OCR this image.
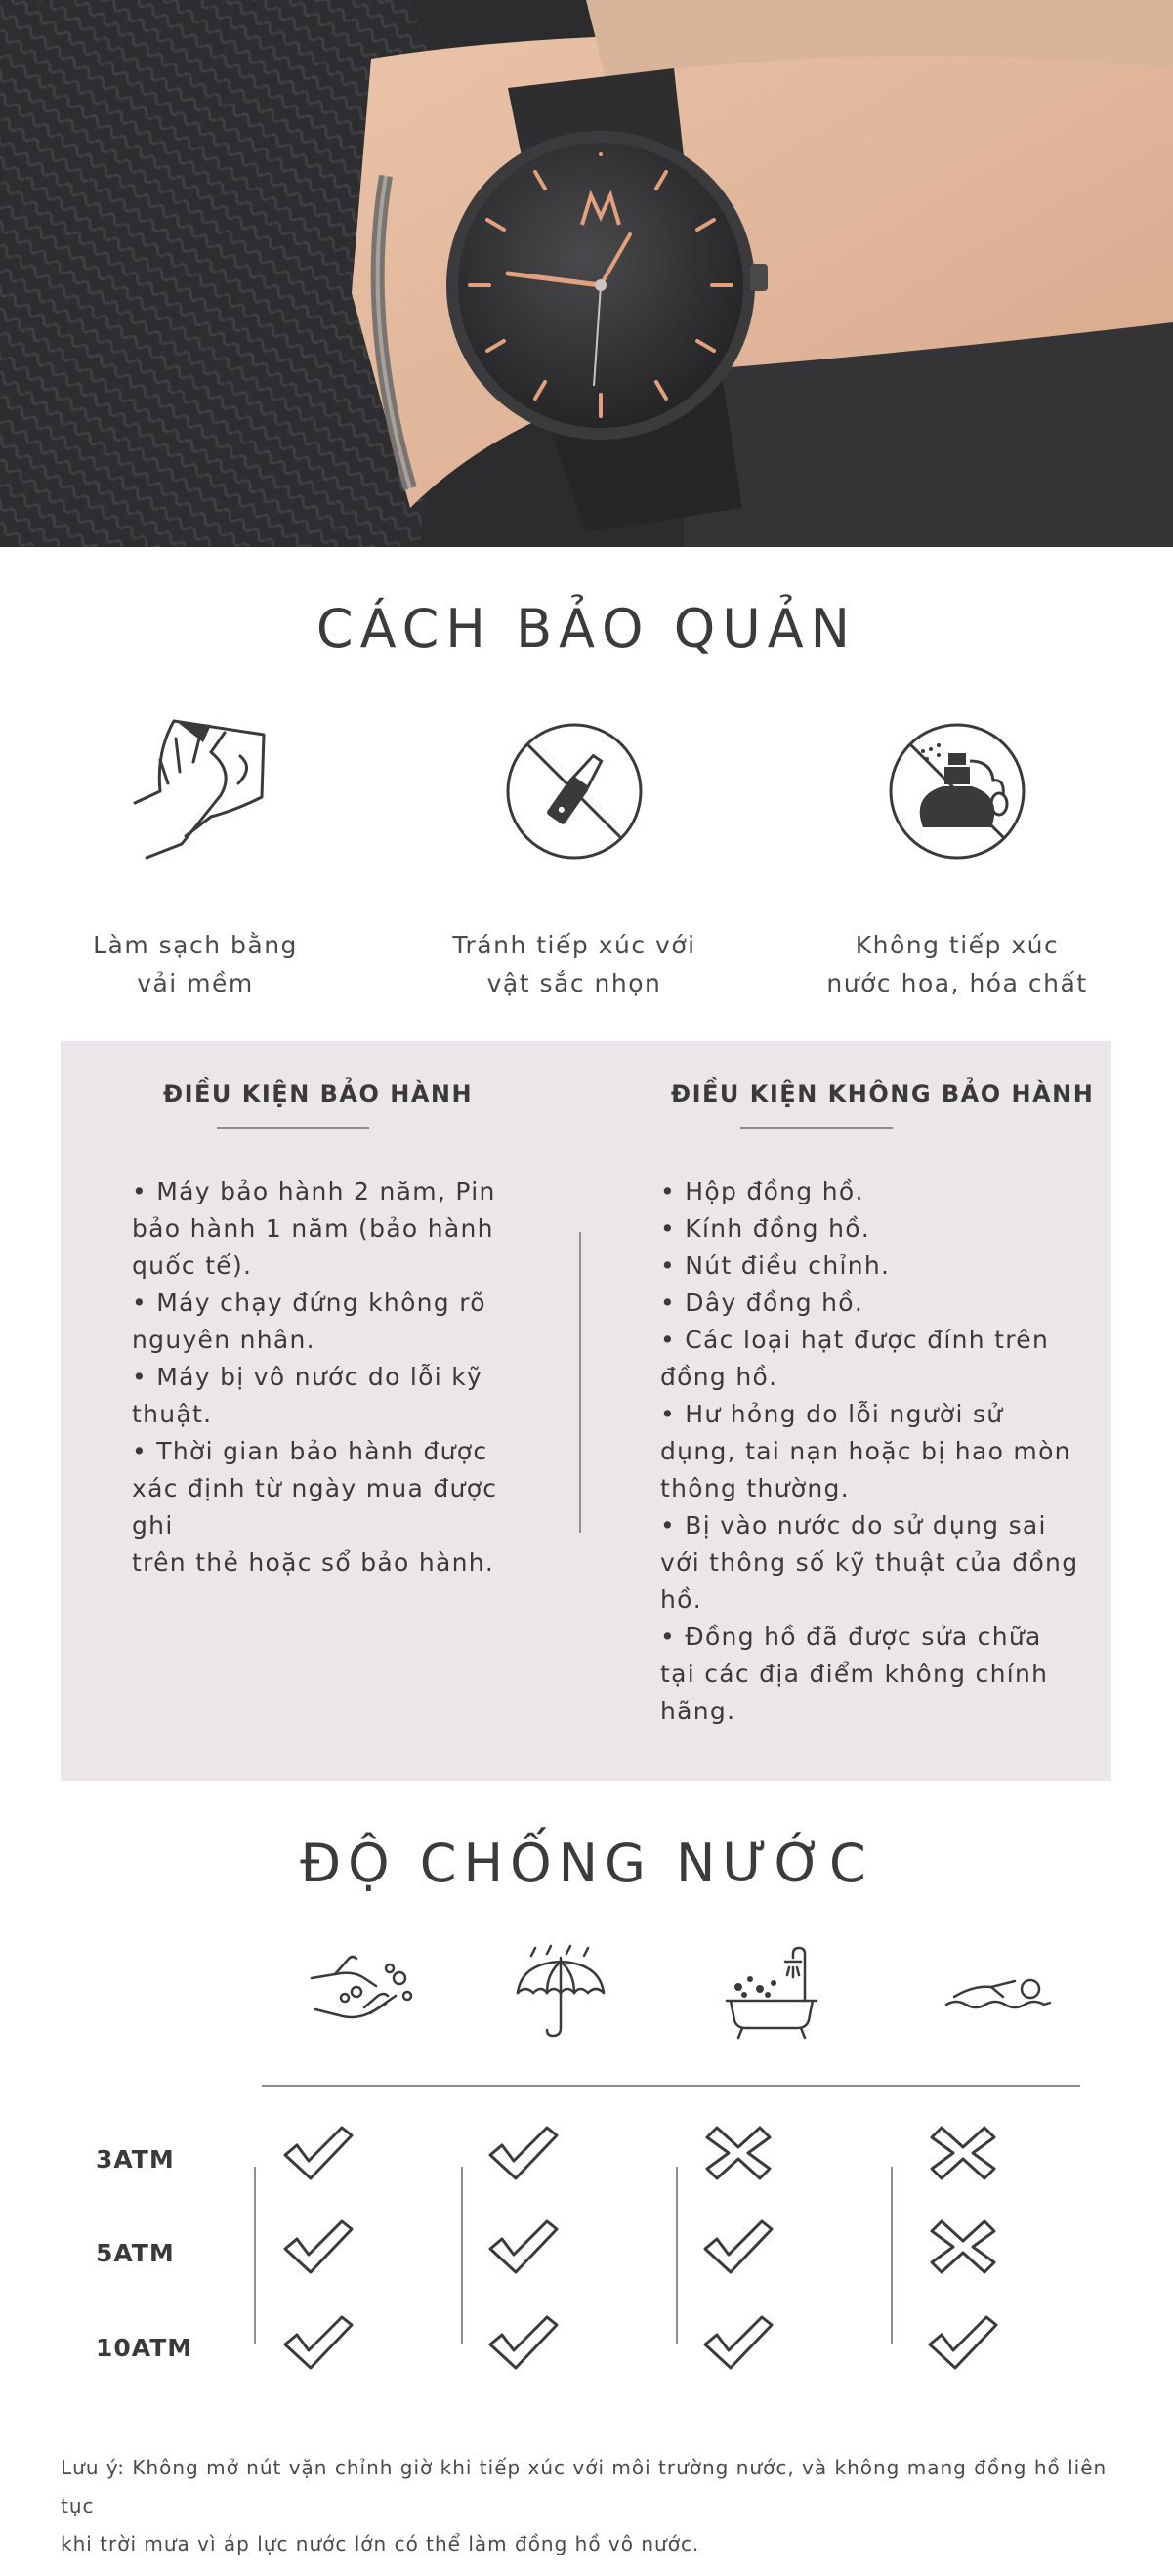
CÁCH BẢO QUẢN
Làm sạch bằng
vải mềm
Tránh tiếp xúc với
vật sắc nhọn
Không tiếp xúc
nước hoa, hóa chất
ĐIỀU KIỆN BẢO HÀNH
• Máy bảo hành 2 năm, Pin
bảo hành 1 năm (bảo hành
quốc tế).
• Máy chạy đứng không rõ
nguyên nhân.
• Máy bị vô nước do lỗi kỹ
thuật.
• Thời gian bảo hành được
xác định từ ngày mua được ghi
trên thẻ hoặc sổ bảo hành.
ĐIỀU KIỆN KHÔNG BẢO HÀNH
• Hộp đồng hồ.
• Kính đồng hồ.
• Nút điều chỉnh.
• Dây đồng hồ.
• Các loại hạt được đính trên
đồng hồ.
• Hư hỏng do lỗi người sử
dụng, tai nạn hoặc bị hao mòn
thông thường.
• Bị vào nước do sử dụng sai
với thông số kỹ thuật của đồng
hồ.
• Đồng hồ đã được sửa chữa
tại các địa điểm không chính
hãng.
ĐỘ CHỐNG NƯỚC
3ATM
5ATM
10ATM
Lưu ý: Không mở nút vặn chỉnh giờ khi tiếp xúc với môi trường nước, và không mang đồng hồ liên tục
khi trời mưa vì áp lực nước lớn có thể làm đồng hồ vô nước.
